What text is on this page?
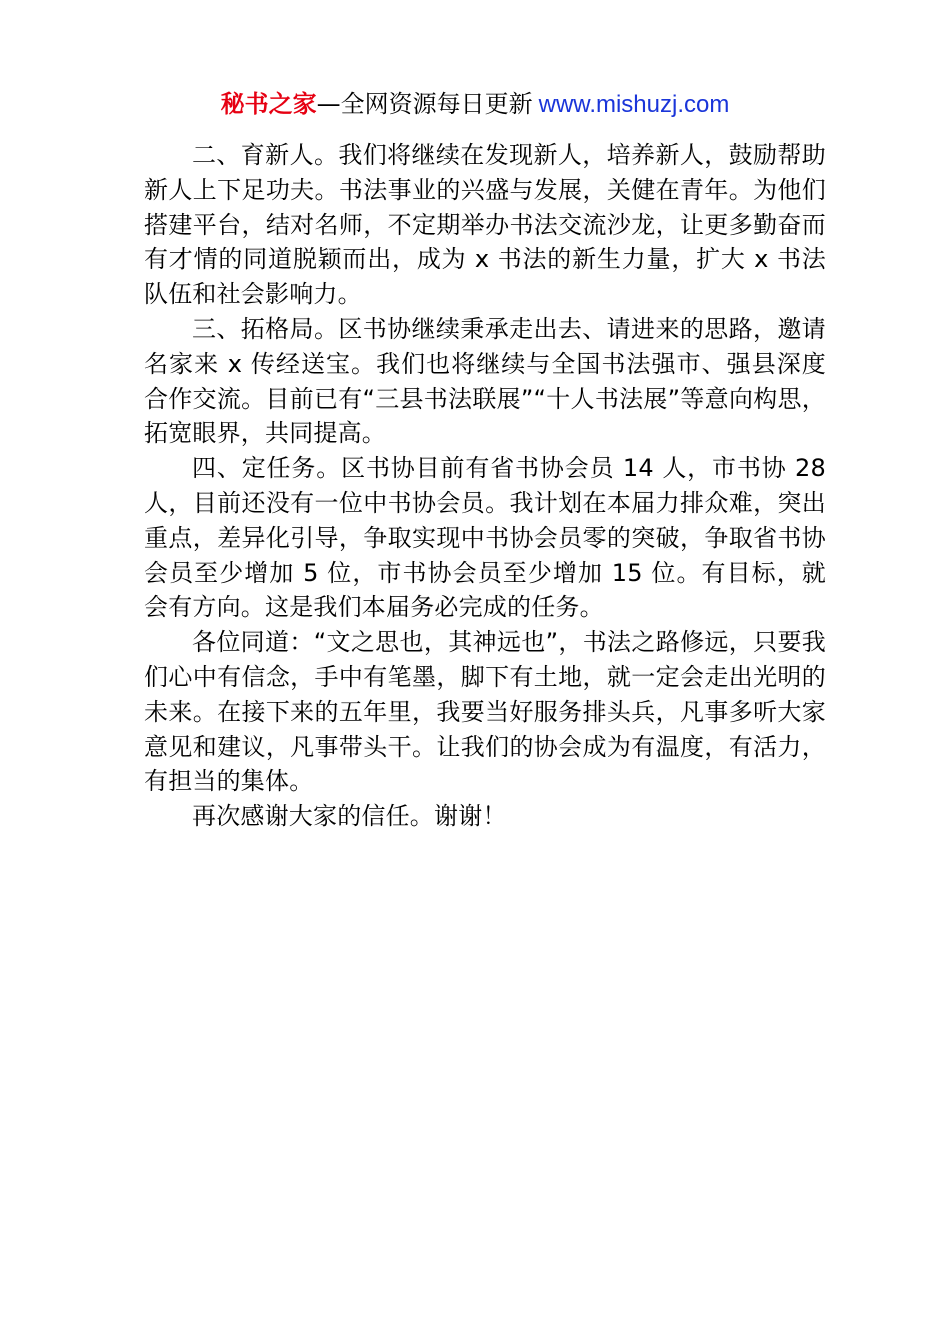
秘书之家—全网资源每日更新 www.mishuzj.com

二、育新人。我们将继续在发现新人，培养新人，鼓励帮助新人上下足功夫。书法事业的兴盛与发展，关健在青年。为他们搭建平台，结对名师，不定期举办书法交流沙龙，让更多勤奋而有才情的同道脱颖而出，成为 x 书法的新生力量，扩大 x 书法队伍和社会影响力。

三、拓格局。区书协继续秉承走出去、请进来的思路，邀请名家来 x 传经送宝。我们也将继续与全国书法强市、强县深度合作交流。目前已有“三县书法联展”“十人书法展”等意向构思，拓宽眼界，共同提高。

四、定任务。区书协目前有省书协会员 14 人，市书协 28 人，目前还没有一位中书协会员。我计划在本届力排众难，突出重点，差异化引导，争取实现中书协会员零的突破，争取省书协会员至少增加 5 位，市书协会员至少增加 15 位。有目标，就会有方向。这是我们本届务必完成的任务。

各位同道：“文之思也，其神远也”，书法之路修远，只要我们心中有信念，手中有笔墨，脚下有土地，就一定会走出光明的未来。在接下来的五年里，我要当好服务排头兵，凡事多听大家意见和建议，凡事带头干。让我们的协会成为有温度，有活力，有担当的集体。

再次感谢大家的信任。谢谢！
